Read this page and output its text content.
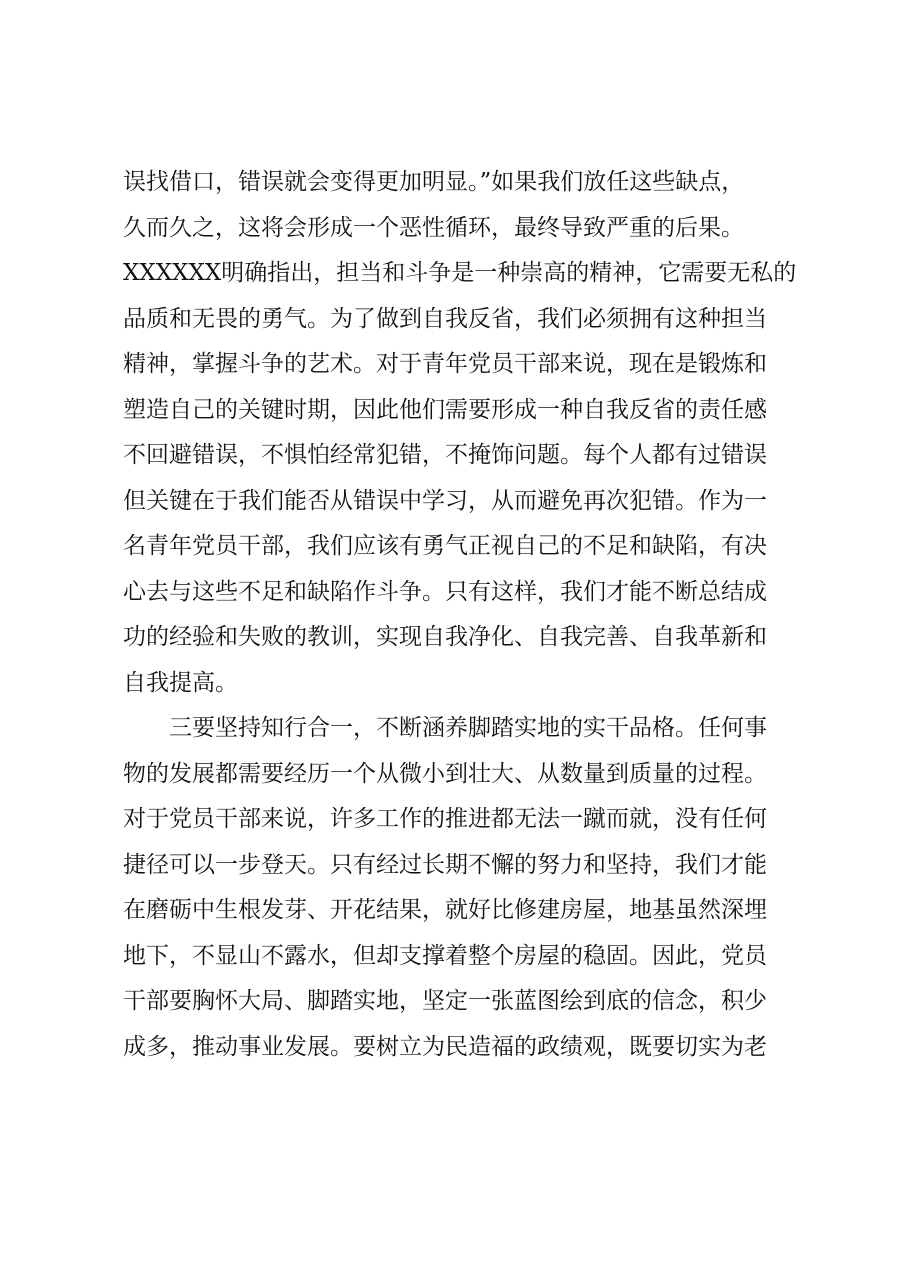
误找借口，错误就会变得更加明显。”如果我们放任这些缺点，
久而久之，这将会形成一个恶性循环，最终导致严重的后果。
XXXXXX明确指出，担当和斗争是一种崇高的精神，它需要无私的
品质和无畏的勇气。为了做到自我反省，我们必须拥有这种担当
精神，掌握斗争的艺术。对于青年党员干部来说，现在是锻炼和
塑造自己的关键时期，因此他们需要形成一种自我反省的责任感
不回避错误，不惧怕经常犯错，不掩饰问题。每个人都有过错误
但关键在于我们能否从错误中学习，从而避免再次犯错。作为一
名青年党员干部，我们应该有勇气正视自己的不足和缺陷，有决
心去与这些不足和缺陷作斗争。只有这样，我们才能不断总结成
功的经验和失败的教训，实现自我净化、自我完善、自我革新和
自我提高。
三要坚持知行合一，不断涵养脚踏实地的实干品格。任何事
物的发展都需要经历一个从微小到壮大、从数量到质量的过程。
对于党员干部来说，许多工作的推进都无法一蹴而就，没有任何
捷径可以一步登天。只有经过长期不懈的努力和坚持，我们才能
在磨砺中生根发芽、开花结果，就好比修建房屋，地基虽然深埋
地下，不显山不露水，但却支撑着整个房屋的稳固。因此，党员
干部要胸怀大局、脚踏实地，坚定一张蓝图绘到底的信念，积少
成多，推动事业发展。要树立为民造福的政绩观，既要切实为老
